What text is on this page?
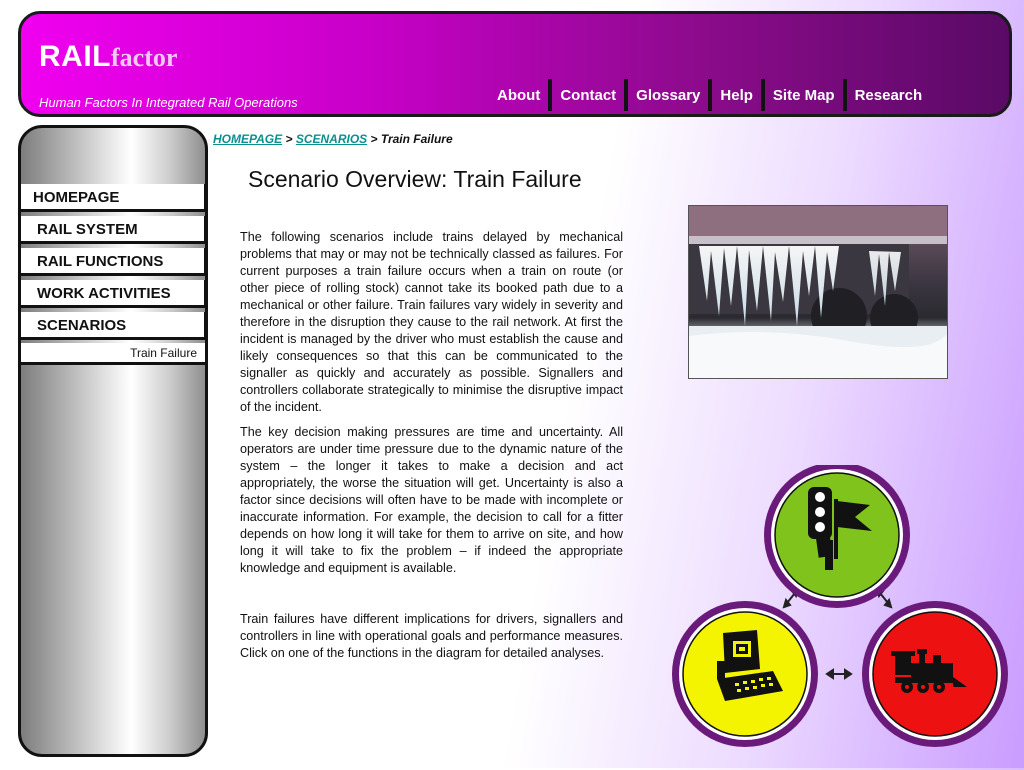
RAILfactor
Human Factors In Integrated Rail Operations	About	Contact	Glossary	Help	Site Map	Research
HOMEPAGE
RAIL SYSTEM
RAIL FUNCTIONS
WORK ACTIVITIES
SCENARIOS
Train Failure
HOMEPAGE > SCENARIOS > Train Failure
Scenario Overview: Train Failure

The following scenarios include trains delayed by mechanical problems that may or may not be technically classed as failures. For current purposes a train failure occurs when a train on route (or other piece of rolling stock) cannot take its booked path due to a mechanical or other failure. Train failures vary widely in severity and therefore in the disruption they cause to the rail network. At first the incident is managed by the driver who must establish the cause and likely consequences so that this can be communicated to the signaller as quickly and accurately as possible. Signallers and controllers collaborate strategically to minimise the disruptive impact of the incident.

The key decision making pressures are time and uncertainty. All operators are under time pressure due to the dynamic nature of the system – the longer it takes to make a decision and act appropriately, the worse the situation will get. Uncertainty is also a factor since decisions will often have to be made with incomplete or inaccurate information. For example, the decision to call for a fitter depends on how long it will take for them to arrive on site, and how long it will take to fix the problem – if indeed the appropriate knowledge and equipment is available.

Train failures have different implications for drivers, signallers and controllers in line with operational goals and performance measures. Click on one of the functions in the diagram for detailed analyses.
